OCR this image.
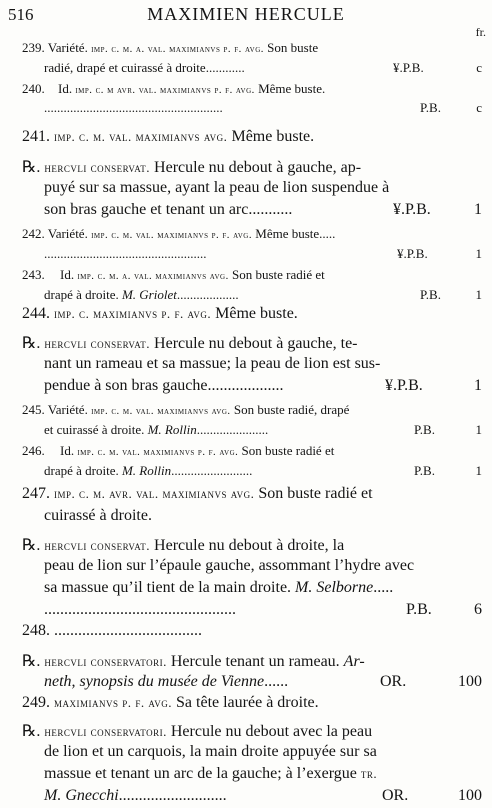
516	MAXIMIEN HERCULE
fr.
239. Variété. imp. c. m. a. val. maximianvs p. f. avg. Son buste
radié, drapé et cuirassé à droite............	¥.P.B.	c
240. Id. imp. c. m avr. val. maximianvs p. f. avg. Même buste.
.......................................................	P.B.	c
241. imp. c. m. val. maximianvs avg. Même buste.
℞. hercvli conservat. Hercule nu debout à gauche, ap-
puyé sur sa massue, ayant la peau de lion suspendue à
son bras gauche et tenant un arc...........	¥.P.B.	1
242. Variété. imp. c. m. val. maximianvs p. f. avg. Même buste.....
..................................................	¥.P.B.	1
243. Id. imp. c. m. a. val. maximianvs avg. Son buste radié et
drapé à droite. M. Griolet...................	P.B.	1
244. imp. c. maximianvs p. f. avg. Même buste.
℞. hercvli conservat. Hercule nu debout à gauche, te-
nant un rameau et sa massue; la peau de lion est sus-
pendue à son bras gauche...................	¥.P.B.	1
245. Variété. imp. c. m. val. maximianvs avg. Son buste radié, drapé
et cuirassé à droite. M. Rollin......................	P.B.	1
246. Id. imp. c. m. val. maximianvs p. f. avg. Son buste radié et
drapé à droite. M. Rollin.........................	P.B.	1
247. imp. c. m. avr. val. maximianvs avg. Son buste radié et
cuirassé à droite.
℞. hercvli conservat. Hercule nu debout à droite, la
peau de lion sur l’épaule gauche, assommant l’hydre avec
sa massue qu’il tient de la main droite. M. Selborne.....
................................................	P.B.	6
248. .....................................
℞. hercvli conservatori. Hercule tenant un rameau. Ar-
neth, synopsis du musée de Vienne......	OR.	100
249. maximianvs p. f. avg. Sa tête laurée à droite.
℞. hercvli conservatori. Hercule nu debout avec la peau
de lion et un carquois, la main droite appuyée sur sa
massue et tenant un arc de la gauche; à l’exergue tr.
M. Gnecchi...........................	OR.	100
